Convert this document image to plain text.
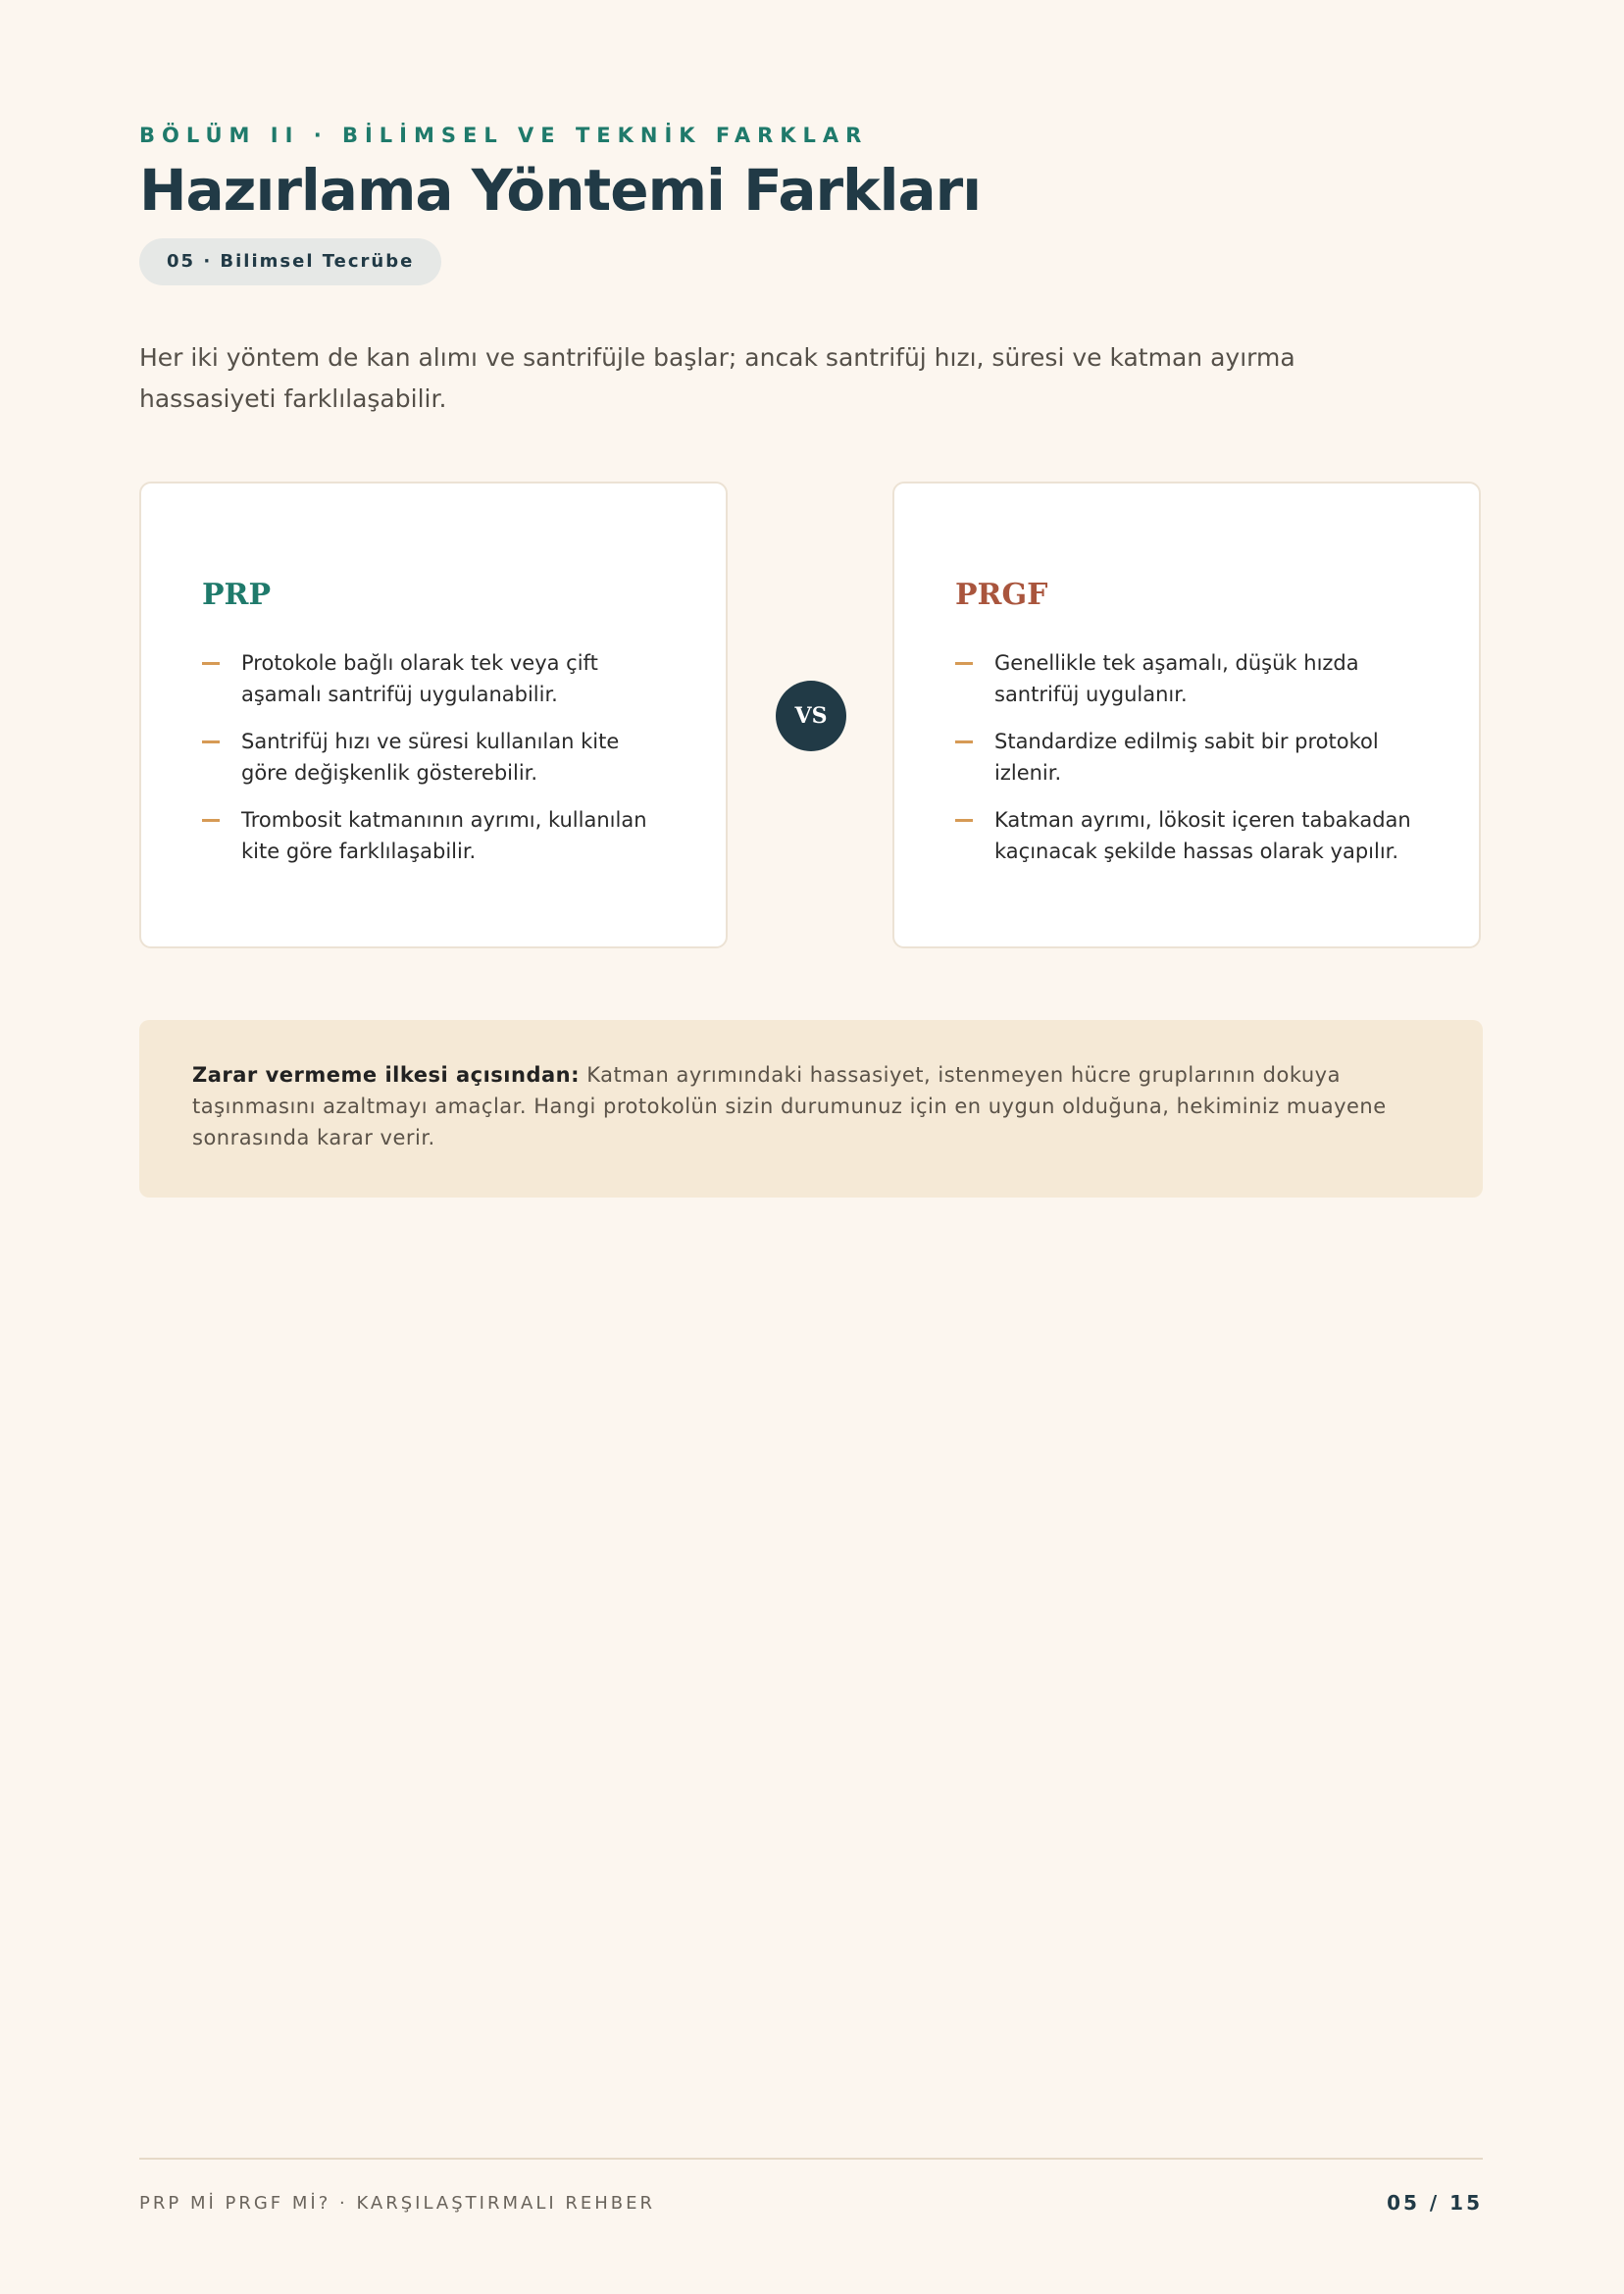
BÖLÜM II · BİLİMSEL VE TEKNİK FARKLAR
Hazırlama Yöntemi Farkları
05 · Bilimsel Tecrübe

Her iki yöntem de kan alımı ve santrifüjle başlar; ancak santrifüj hızı, süresi ve katman ayırma hassasiyeti farklılaşabilir.

PRP
Protokole bağlı olarak tek veya çift aşamalı santrifüj uygulanabilir.
Santrifüj hızı ve süresi kullanılan kite göre değişkenlik gösterebilir.
Trombosit katmanının ayrımı, kullanılan kite göre farklılaşabilir.
VS
PRGF
Genellikle tek aşamalı, düşük hızda santrifüj uygulanır.
Standardize edilmiş sabit bir protokol izlenir.
Katman ayrımı, lökosit içeren tabakadan kaçınacak şekilde hassas olarak yapılır.
Zarar vermeme ilkesi açısından: Katman ayrımındaki hassasiyet, istenmeyen hücre gruplarının dokuya taşınmasını azaltmayı amaçlar. Hangi protokolün sizin durumunuz için en uygun olduğuna, hekiminiz muayene sonrasında karar verir.
PRP Mİ PRGF Mİ? · KARŞILAŞTIRMALI REHBER	05 / 15
